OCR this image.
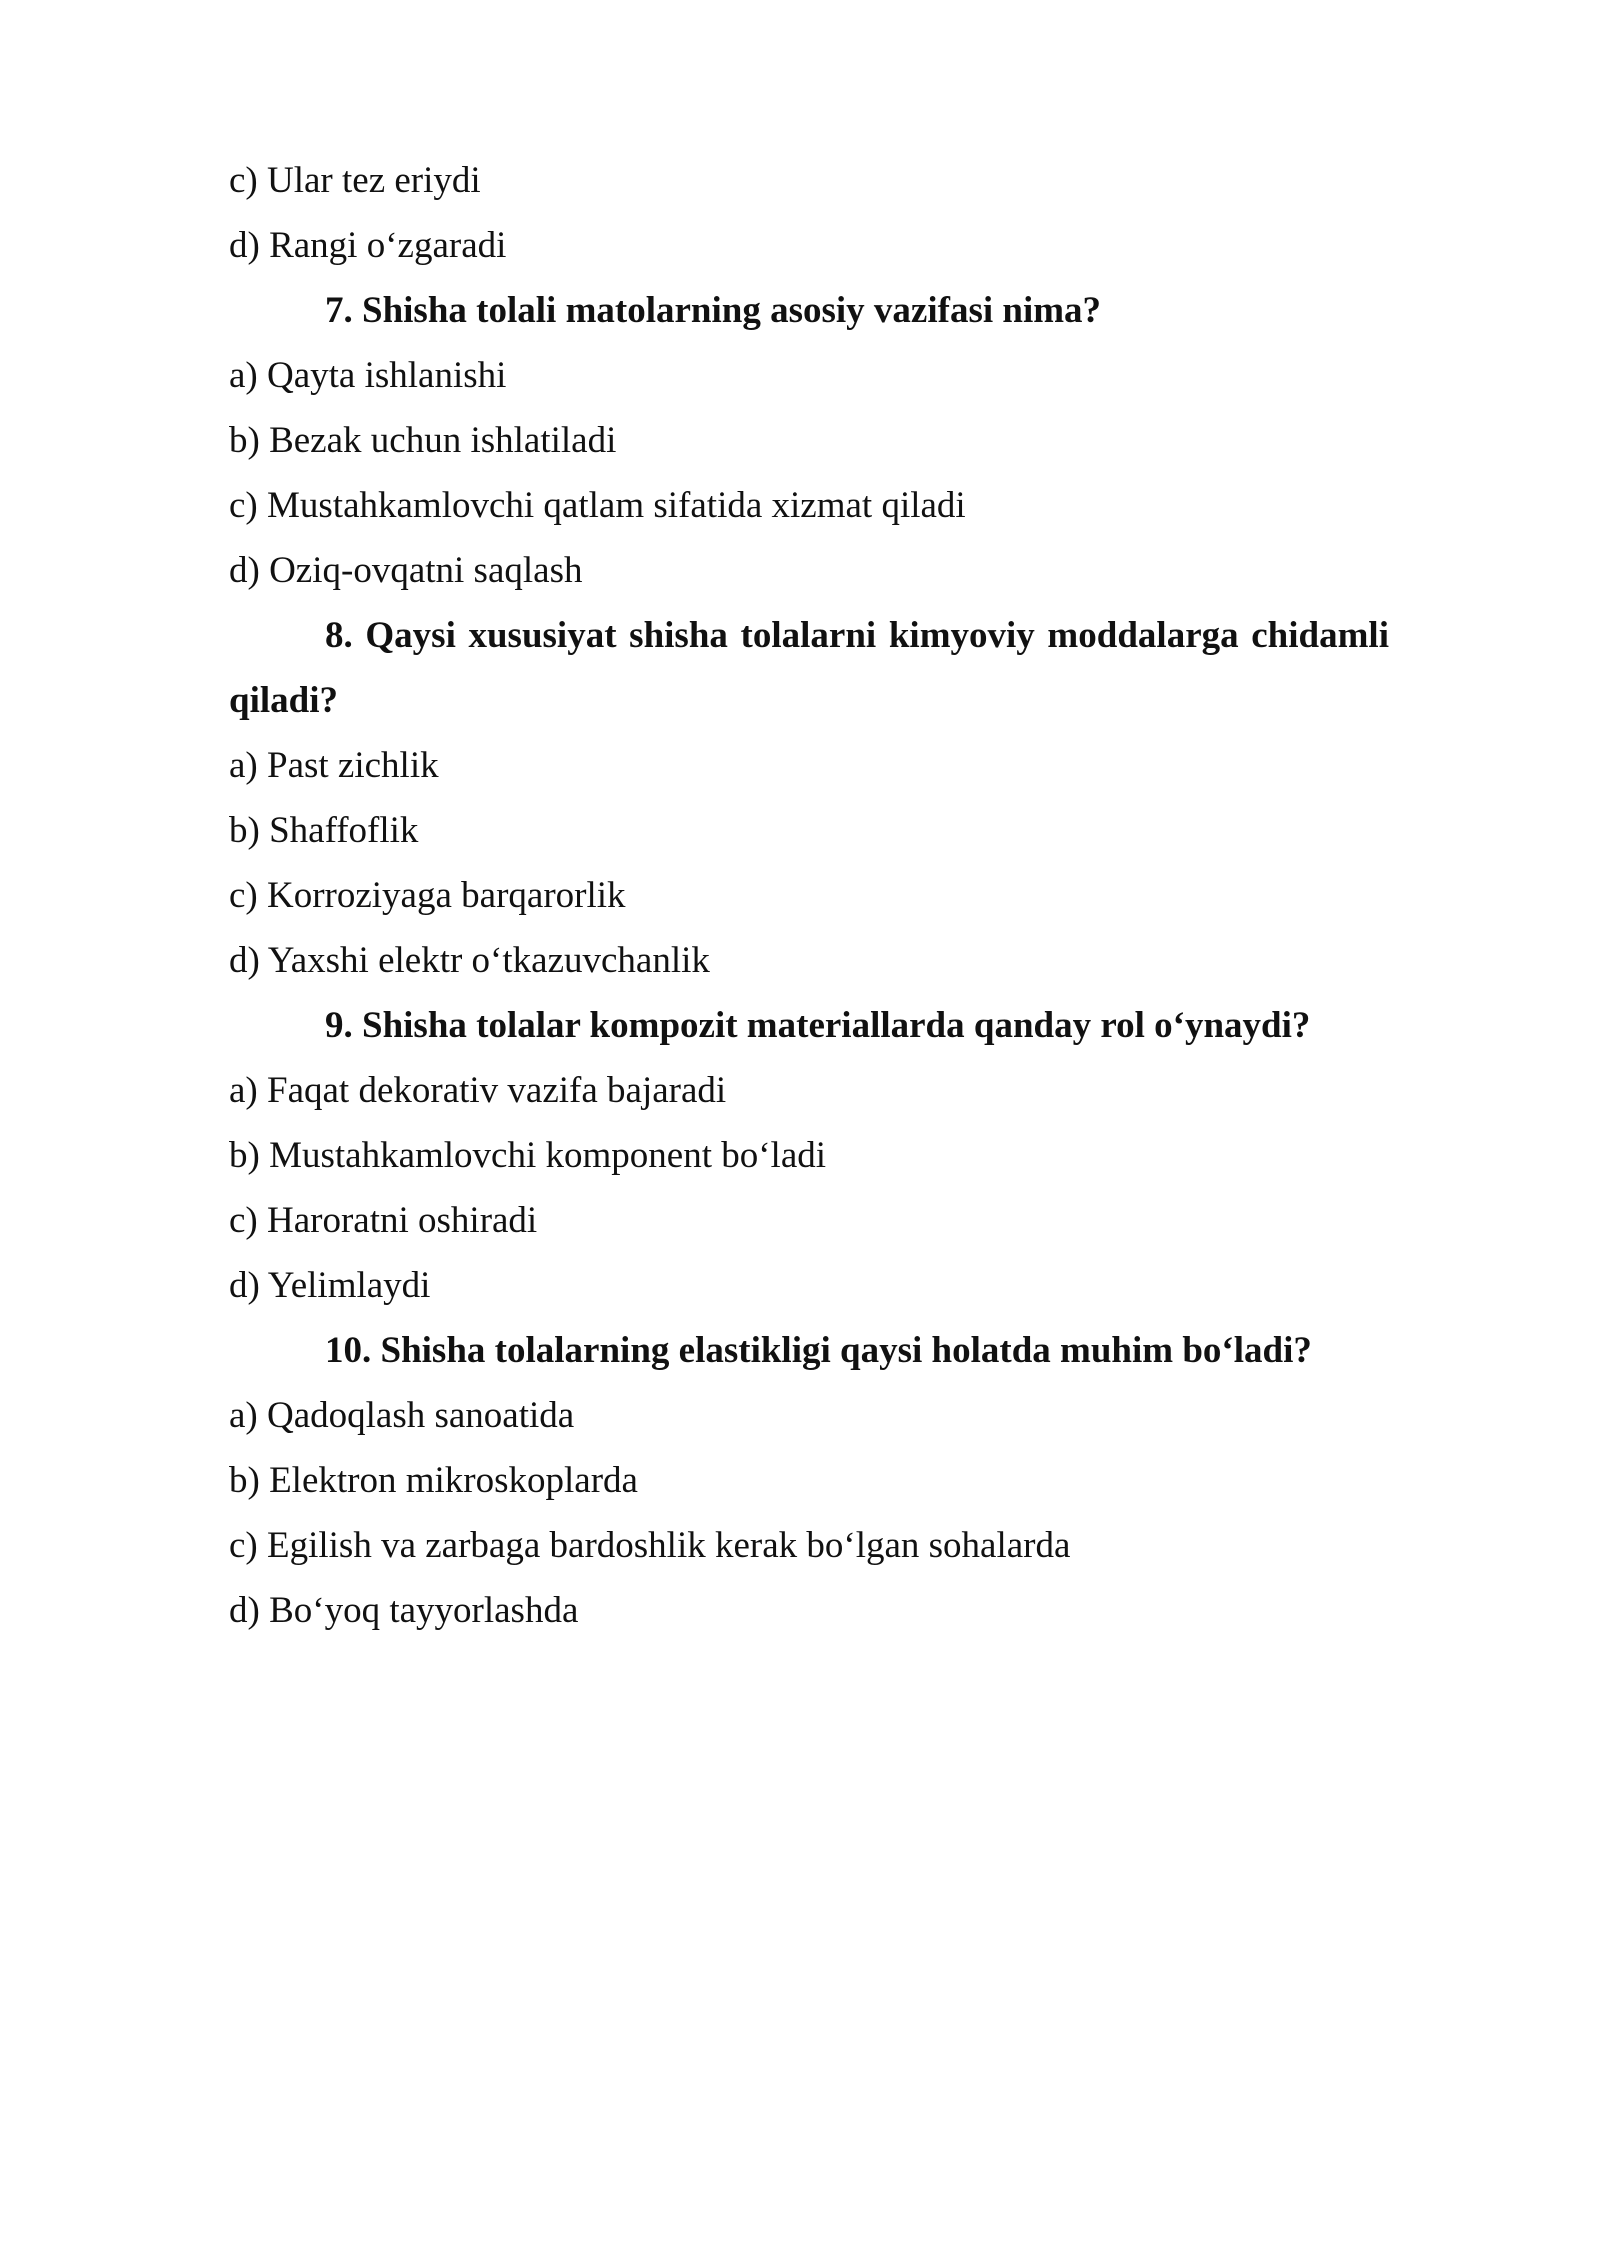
c) Ular tez eriydi
d) Rangi o‘zgaradi
7. Shisha tolali matolarning asosiy vazifasi nima?
a) Qayta ishlanishi
b) Bezak uchun ishlatiladi
c) Mustahkamlovchi qatlam sifatida xizmat qiladi
d) Oziq-ovqatni saqlash
8. Qaysi xususiyat shisha tolalarni kimyoviy moddalarga chidamli qiladi?
a) Past zichlik
b) Shaffoflik
c) Korroziyaga barqarorlik
d) Yaxshi elektr o‘tkazuvchanlik
9. Shisha tolalar kompozit materiallarda qanday rol o‘ynaydi?
a) Faqat dekorativ vazifa bajaradi
b) Mustahkamlovchi komponent bo‘ladi
c) Haroratni oshiradi
d) Yelimlaydi
10. Shisha tolalarning elastikligi qaysi holatda muhim bo‘ladi?
a) Qadoqlash sanoatida
b) Elektron mikroskoplarda
c) Egilish va zarbaga bardoshlik kerak bo‘lgan sohalarda
d) Bo‘yoq tayyorlashda
